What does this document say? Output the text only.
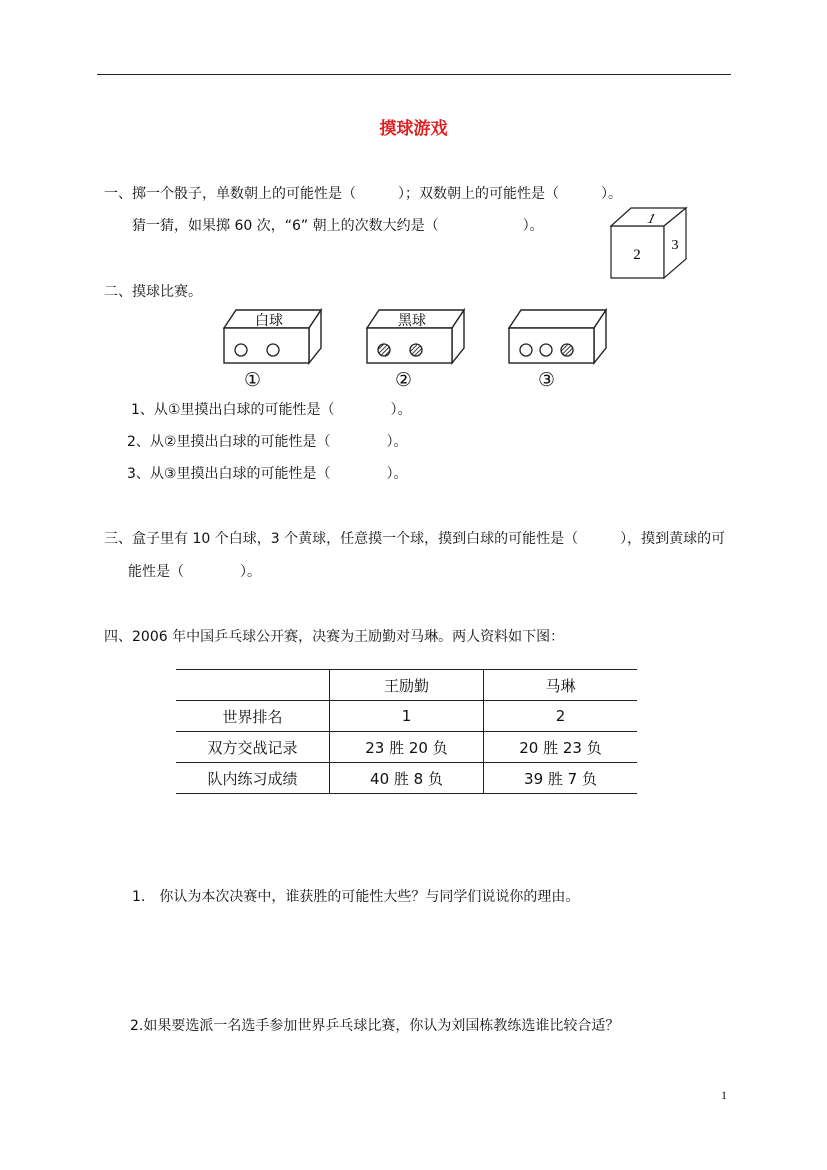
摸球游戏
一、掷一个骰子，单数朝上的可能性是（　　　）；双数朝上的可能性是（　　　）。
猜一猜，如果掷 60 次，“6” 朝上的次数大约是（　　　　　　）。	1
2
3
二、摸球比赛。
白球	黑球
①	②	③
1、从①里摸出白球的可能性是（　　　　）。
2、从②里摸出白球的可能性是（　　　　）。
3、从③里摸出白球的可能性是（　　　　）。
三、盒子里有 10 个白球，3 个黄球，任意摸一个球，摸到白球的可能性是（　　　），摸到黄球的可
能性是（　　　　）。
四、2006 年中国乒乓球公开赛，决赛为王励勤对马琳。两人资料如下图：
	王励勤	马琳
世界排名	1	2
双方交战记录	23 胜 20 负	20 胜 23 负
队内练习成绩	40 胜 8 负	39 胜 7 负
1.　你认为本次决赛中，谁获胜的可能性大些？与同学们说说你的理由。
2.如果要选派一名选手参加世界乒乓球比赛，你认为刘国栋教练选谁比较合适？
1
